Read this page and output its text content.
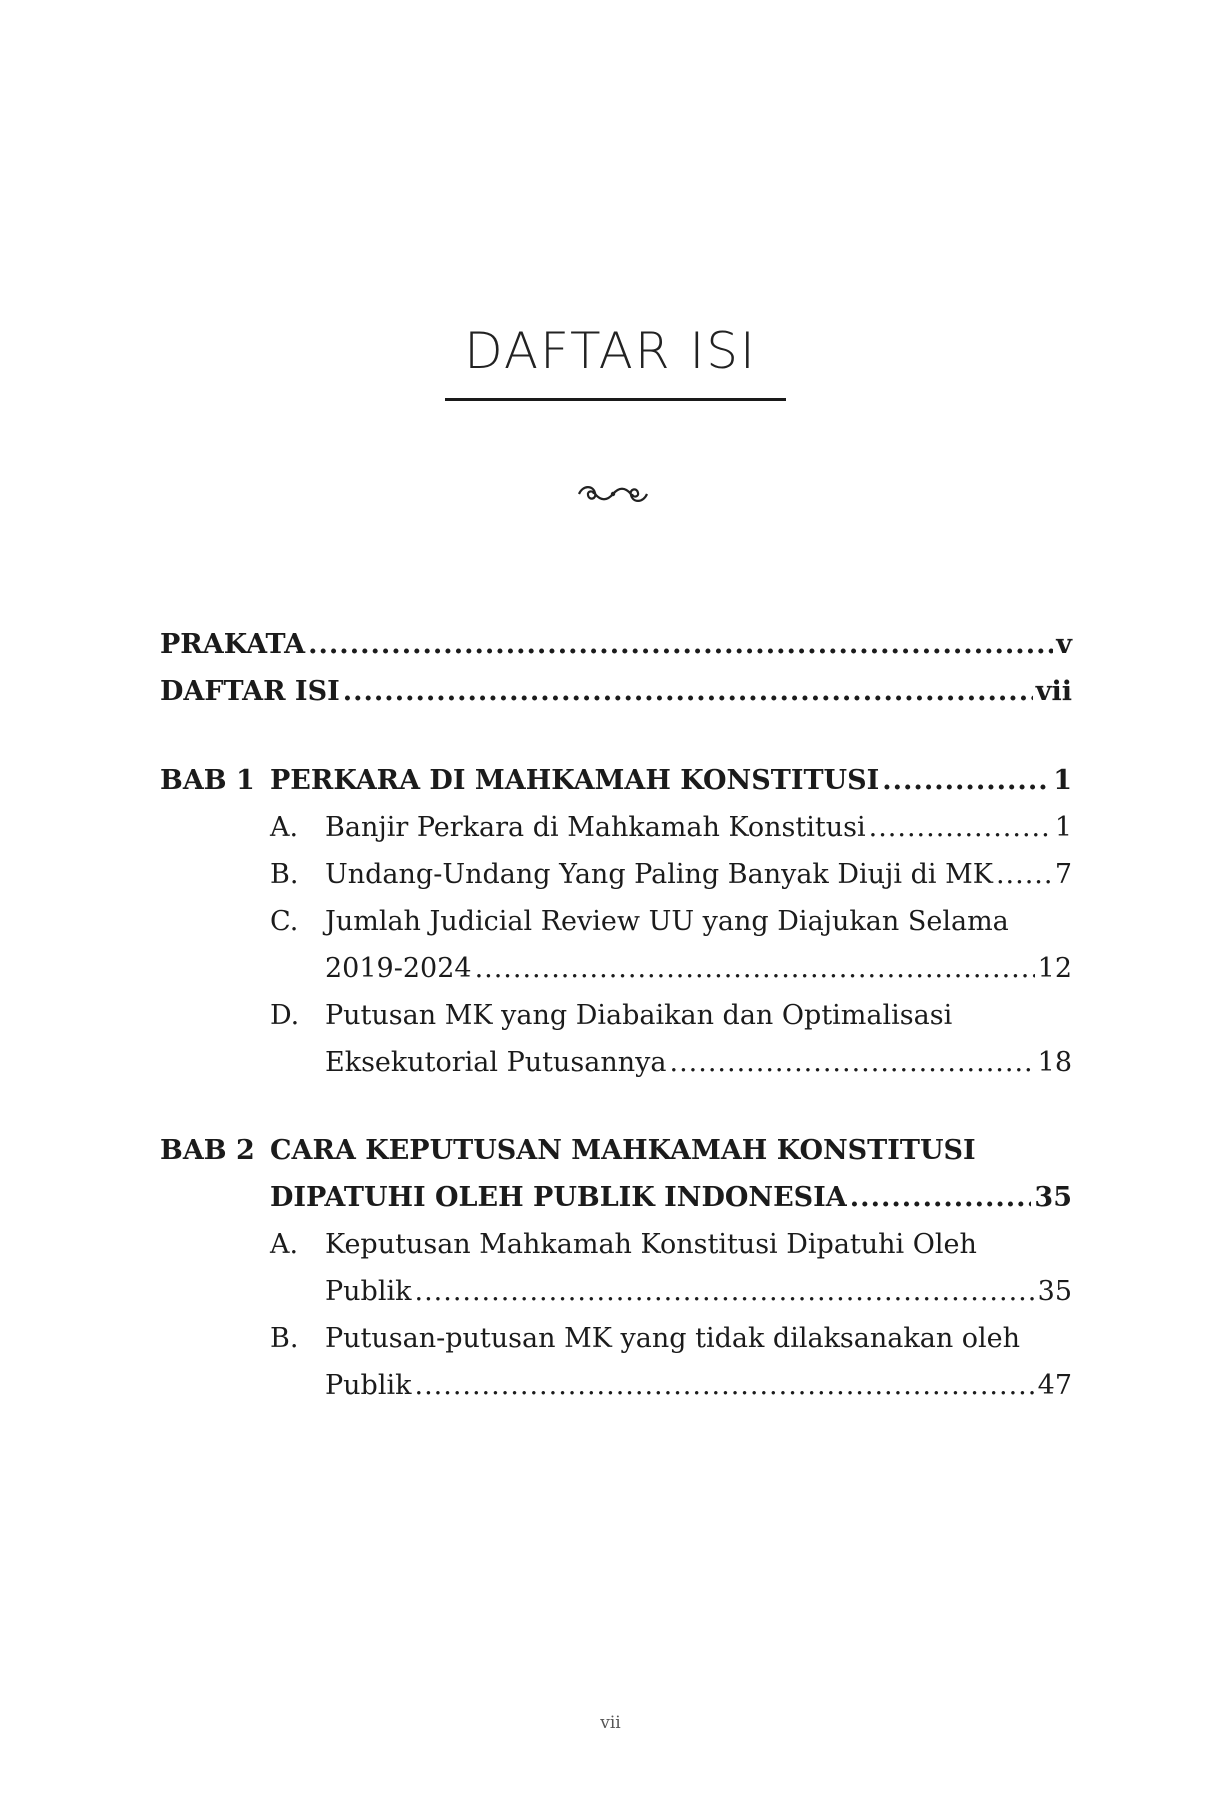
DAFTAR ISI
PRAKATA .....	v
DAFTAR ISI .....	vii
BAB 1 PERKARA DI MAHKAMAH KONSTITUSI .....	1
A. Banjir Perkara di Mahkamah Konstitusi .....	1
B. Undang-Undang Yang Paling Banyak Diuji di MK ..... 7
C. Jumlah Judicial Review UU yang Diajukan Selama
2019-2024 .....	12
D. Putusan MK yang Diabaikan dan Optimalisasi
Eksekutorial Putusannya .....	18
BAB 2 CARA KEPUTUSAN MAHKAMAH KONSTITUSI
DIPATUHI OLEH PUBLIK INDONESIA .....	35
A. Keputusan Mahkamah Konstitusi Dipatuhi Oleh
Publik .....	35
B. Putusan-putusan MK yang tidak dilaksanakan oleh
Publik .....	47
vii
